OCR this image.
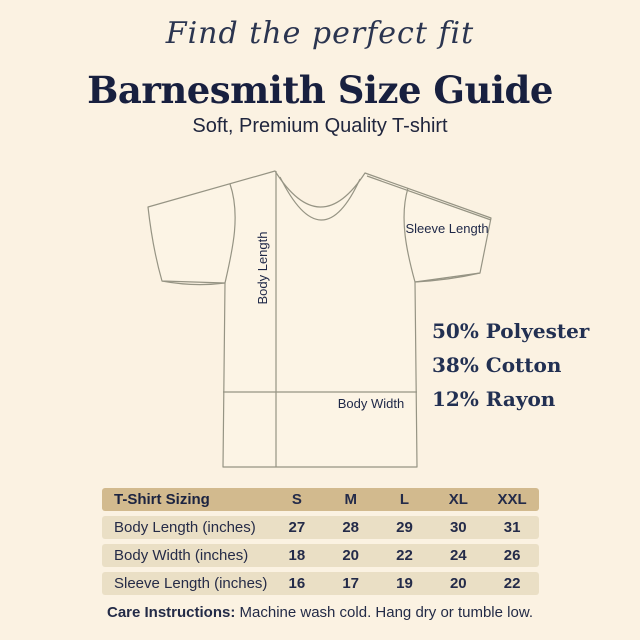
Find the perfect fit
Barnesmith Size Guide
Soft, Premium Quality T-shirt
Body Length
Sleeve Length
Body Width
50% Polyester
38% Cotton
12% Rayon
T-Shirt Sizing	S	M	L	XL	XXL
Body Length (inches)	27	28	29	30	31
Body Width (inches)	18	20	22	24	26
Sleeve Length (inches)	16	17	19	20	22
Care Instructions: Machine wash cold. Hang dry or tumble low.
